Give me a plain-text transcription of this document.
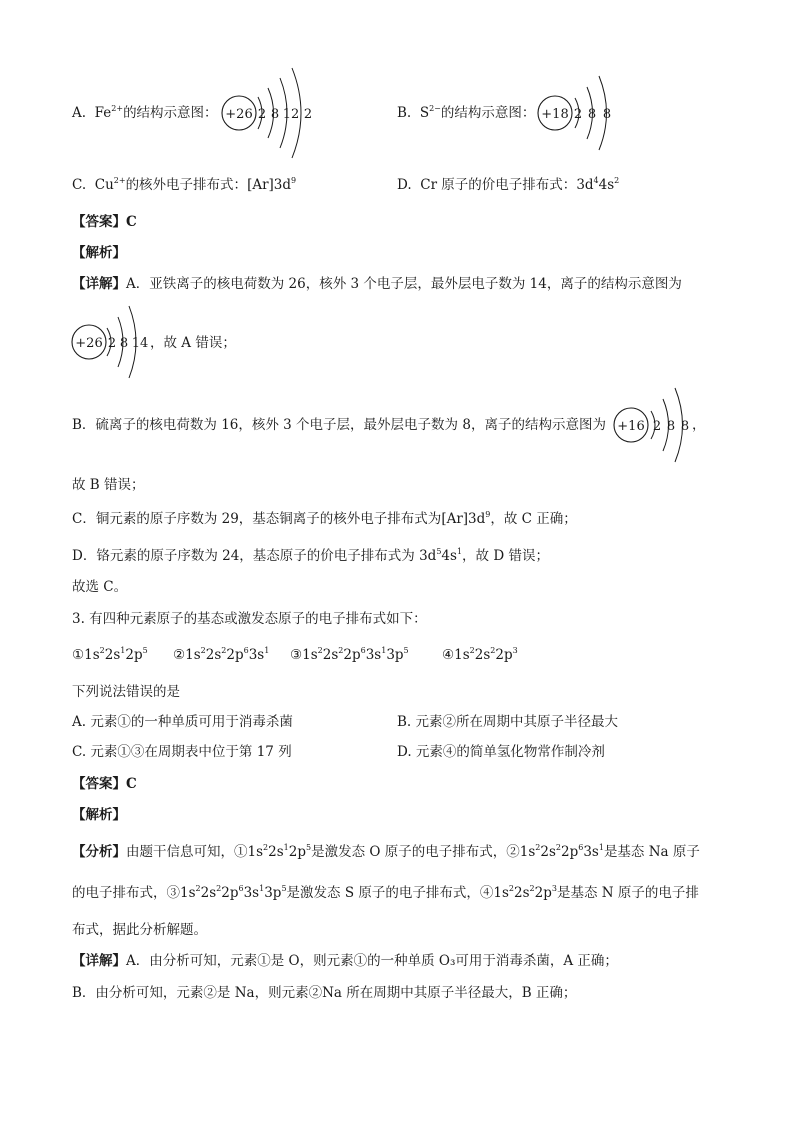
A. $Fe^{2+}$的结构示意图： +26 2 8 12 2	B. $S^{2-}$的结构示意图： +18 2 8 8
C. $Cu^{2+}$的核外电子排布式：$[Ar]3d^9$	D. Cr 原子的价电子排布式：$3d^44s^2$
【答案】C
【解析】
【详解】A．亚铁离子的核电荷数为 26，核外 3 个电子层，最外层电子数为 14，离子的结构示意图为
+26 2 8 14 ，故 A 错误；
B．硫离子的核电荷数为 16，核外 3 个电子层，最外层电子数为 8，离子的结构示意图为 +16 2 8 8 ，
故 B 错误；
C．铜元素的原子序数为 29，基态铜离子的核外电子排布式为$[Ar]3d^9$，故 C 正确；
D．铬元素的原子序数为 24，基态原子的价电子排布式为 $3d^54s^1$，故 D 错误；
故选 C。
3. 有四种元素原子的基态或激发态原子的电子排布式如下：
$①1s^22s^12p^5$ $②1s^22s^22p^63s^1$ $③1s^22s^22p^63s^13p^5$ $④1s^22s^22p^3$
下列说法错误的是
A. 元素①的一种单质可用于消毒杀菌	B. 元素②所在周期中其原子半径最大
C. 元素①③在周期表中位于第 17 列	D. 元素④的简单氢化物常作制冷剂
【答案】C
【解析】
【分析】由题干信息可知，$①1s^22s^12p^5$是激发态 O 原子的电子排布式，$②1s^22s^22p^63s^1$是基态 Na 原子
的电子排布式，$③1s^22s^22p^63s^13p^5$是激发态 S 原子的电子排布式，$④1s^22s^22p^3$是基态 N 原子的电子排
布式，据此分析解题。
【详解】A．由分析可知，元素①是 O，则元素①的一种单质 O₃可用于消毒杀菌，A 正确；
B．由分析可知，元素②是 Na，则元素②Na 所在周期中其原子半径最大，B 正确；
